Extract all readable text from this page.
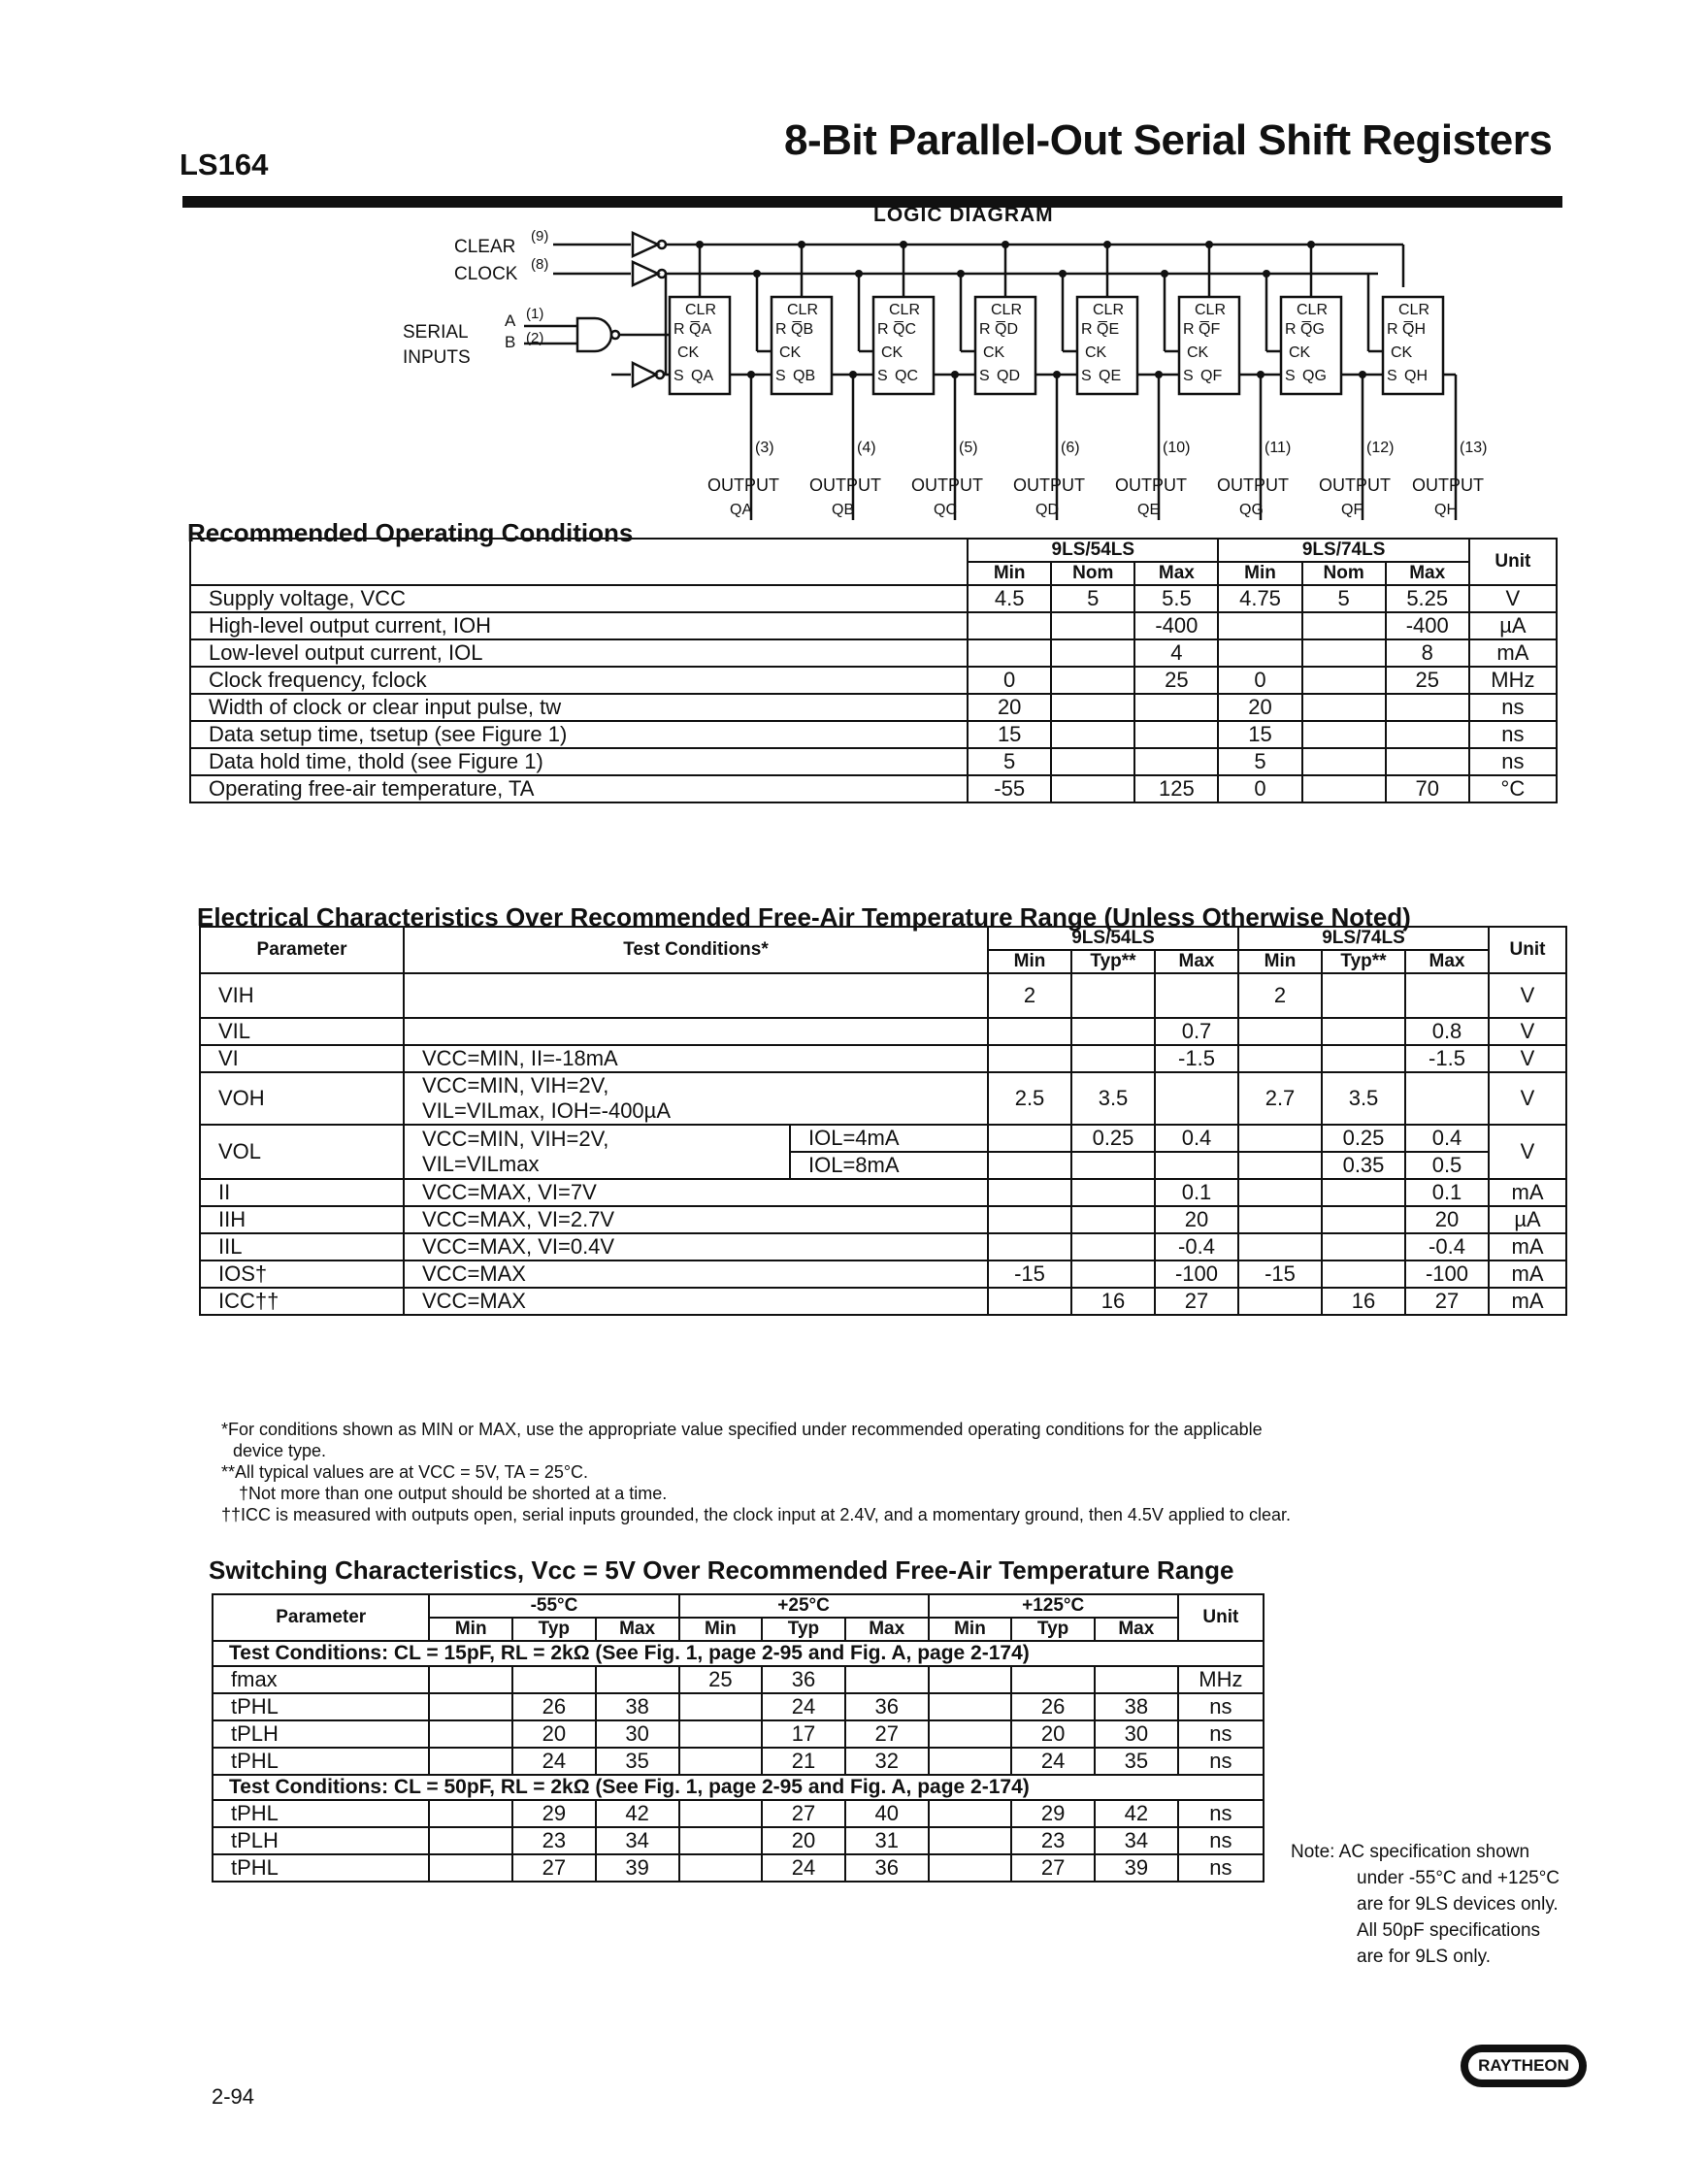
LS164
8-Bit Parallel-Out Serial Shift Registers
LOGIC DIAGRAM
CLEAR
(9)
CLOCK (8)
SERIAL
INPUTS
A (1)
B (2)
CLR
R Q̅A
CK
S QA
CLR
R Q̅B
CK
S QB
CLR
R Q̅C
CK
S QC
CLR
R Q̅D
CK
S QD
CLR
R Q̅E
CK
S QE
CLR
R Q̅F
CK
S QF
CLR
R Q̅G
CK
S QG
CLR
R Q̅H
CK
S QH
(3)
OUTPUT
QA
(4)
OUTPUT
QB
(5)
OUTPUT
QC
(6)
OUTPUT
QD
(10)
OUTPUT
QE
(11)
OUTPUT
QG
(12)
OUTPUT
QF
(13)
OUTPUT
QH
Recommended Operating Conditions
	9LS/54LS			9LS/74LS			Unit
	Min	Nom	Max	Min	Nom	Max	
Supply voltage, VCC	4.5	5	5.5	4.75	5	5.25	V
High-level output current, IOH			-400			-400	µA
Low-level output current, IOL			4			8	mA
Clock frequency, fclock	0		25	0		25	MHz
Width of clock or clear input pulse, tw	20			20			ns
Data setup time, tsetup (see Figure 1)	15			15			ns
Data hold time, thold (see Figure 1)	5			5			ns
Operating free-air temperature, TA	-55		125	0		70	°C
Electrical Characteristics Over Recommended Free-Air Temperature Range (Unless Otherwise Noted)
Parameter	Test Conditions*		9LS/54LS			9LS/74LS			Unit
			Min	Typ**	Max	Min	Typ**	Max	
VIH			2			2			V
VIL					0.7			0.8	V
VI	VCC=MIN, II=-18mA				-1.5			-1.5	V
VOH	VCC=MIN, VIH=2V,
VIL=VILmax, IOH=-400µA		2.5	3.5		2.7	3.5		V
VOL	VCC=MIN, VIH=2V,
VIL=VILmax	IOL=4mA		0.25	0.4		0.25	0.4	V
		IOL=8mA					0.35	0.5	
II	VCC=MAX, VI=7V				0.1			0.1	mA
IIH	VCC=MAX, VI=2.7V				20			20	µA
IIL	VCC=MAX, VI=0.4V				-0.4			-0.4	mA
IOS†	VCC=MAX		-15		-100	-15		-100	mA
ICC††	VCC=MAX			16	27		16	27	mA
*For conditions shown as MIN or MAX, use the appropriate value specified under recommended operating conditions for the applicable
device type.
**All typical values are at VCC = 5V, TA = 25°C.
†Not more than one output should be shorted at a time.
††ICC is measured with outputs open, serial inputs grounded, the clock input at 2.4V, and a momentary ground, then 4.5V applied to clear.
Switching Characteristics, Vcc = 5V Over Recommended Free-Air Temperature Range
Parameter	-55°C			+25°C			+125°C			Unit
	Min	Typ	Max	Min	Typ	Max	Min	Typ	Max	
Test Conditions: CL = 15pF, RL = 2kΩ (See Fig. 1, page 2-95 and Fig. A, page 2-174)										
fmax				25	36					MHz
tPHL		26	38		24	36		26	38	ns
tPLH		20	30		17	27		20	30	ns
tPHL		24	35		21	32		24	35	ns
Test Conditions: CL = 50pF, RL = 2kΩ (See Fig. 1, page 2-95 and Fig. A, page 2-174)										
tPHL		29	42		27	40		29	42	ns
tPLH		23	34		20	31		23	34	ns
tPHL		27	39		24	36		27	39	ns
Note: AC specification shown
under -55°C and +125°C
are for 9LS devices only.
All 50pF specifications
are for 9LS only.
2-94
RAYTHEON
